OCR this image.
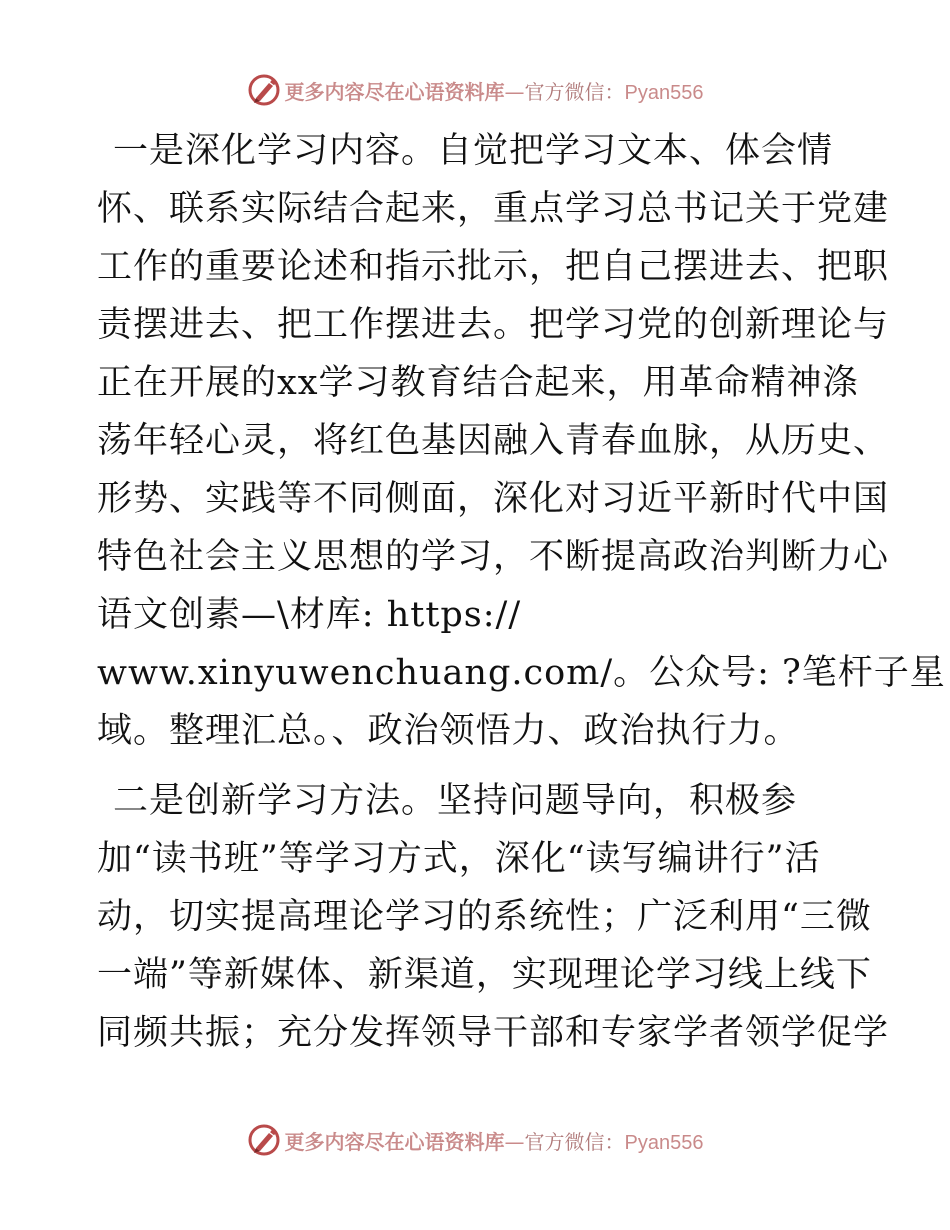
更多内容尽在心语资料库—官方微信：Pyan556
一是深化学习内容。自觉把学习文本、体会情
怀、联系实际结合起来，重点学习总书记关于党建
工作的重要论述和指示批示，把自己摆进去、把职
责摆进去、把工作摆进去。把学习党的创新理论与
正在开展的xx学习教育结合起来，用革命精神涤
荡年轻心灵，将红色基因融入青春血脉，从历史、
形势、实践等不同侧面，深化对习近平新时代中国
特色社会主义思想的学习，不断提高政治判断力心
语文创素—\材库: https://
www.xinyuwenchuang.com/。公众号: ?笔杆子星
域。整理汇总。、政治领悟力、政治执行力。
二是创新学习方法。坚持问题导向，积极参
加“读书班”等学习方式，深化“读写编讲行”活
动，切实提高理论学习的系统性；广泛利用“三微
一端”等新媒体、新渠道，实现理论学习线上线下
同频共振；充分发挥领导干部和专家学者领学促学
更多内容尽在心语资料库—官方微信：Pyan556
